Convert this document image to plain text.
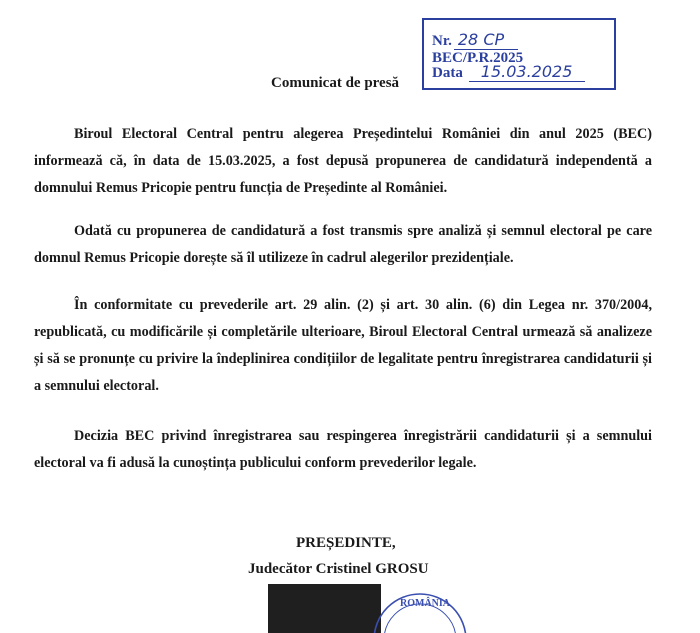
Nr. 28 CP BEC/P.R.2025
Data 15.03.2025
Comunicat de presă
Biroul Electoral Central pentru alegerea Președintelui României din anul 2025 (BEC) informează că, în data de 15.03.2025, a fost depusă propunerea de candidatură independentă a domnului Remus Pricopie pentru funcția de Președinte al României.
Odată cu propunerea de candidatură a fost transmis spre analiză și semnul electoral pe care domnul Remus Pricopie dorește să îl utilizeze în cadrul alegerilor prezidențiale.
În conformitate cu prevederile art. 29 alin. (2) și art. 30 alin. (6) din Legea nr. 370/2004, republicată, cu modificările și completările ulterioare, Biroul Electoral Central urmează să analizeze și să se pronunțe cu privire la îndeplinirea condițiilor de legalitate pentru înregistrarea candidaturii și a semnului electoral.
Decizia BEC privind înregistrarea sau respingerea înregistrării candidaturii și a semnului electoral va fi adusă la cunoștința publicului conform prevederilor legale.
PREȘEDINTE,
Judecător Cristinel GROSU
ROMÂNIA
